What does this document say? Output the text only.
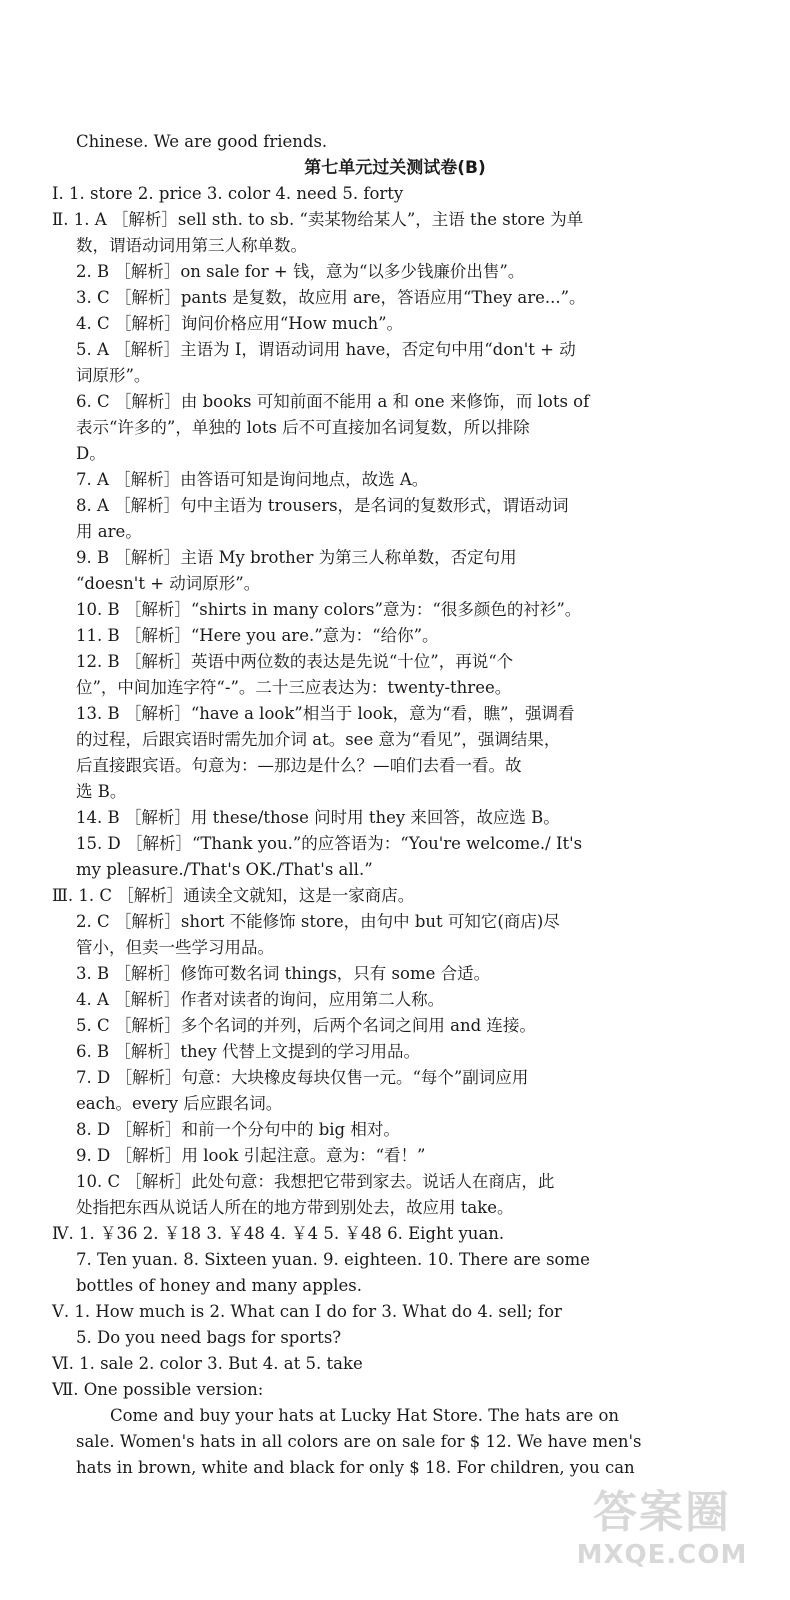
Chinese. We are good friends.
第七单元过关测试卷(B)
Ⅰ. 1. store 2. price 3. color 4. need 5. forty
Ⅱ. 1. A ［解析］sell sth. to sb. “卖某物给某人”，主语 the store 为单
数，谓语动词用第三人称单数。
2. B ［解析］on sale for + 钱，意为“以多少钱廉价出售”。
3. C ［解析］pants 是复数，故应用 are，答语应用“They are...”。
4. C ［解析］询问价格应用“How much”。
5. A ［解析］主语为 I，谓语动词用 have，否定句中用“don't + 动
词原形”。
6. C ［解析］由 books 可知前面不能用 a 和 one 来修饰，而 lots of
表示“许多的”，单独的 lots 后不可直接加名词复数，所以排除
D。
7. A ［解析］由答语可知是询问地点，故选 A。
8. A ［解析］句中主语为 trousers，是名词的复数形式，谓语动词
用 are。
9. B ［解析］主语 My brother 为第三人称单数，否定句用
“doesn't + 动词原形”。
10. B ［解析］“shirts in many colors”意为：“很多颜色的衬衫”。
11. B ［解析］“Here you are.”意为：“给你”。
12. B ［解析］英语中两位数的表达是先说“十位”，再说“个
位”，中间加连字符“-”。二十三应表达为：twenty-three。
13. B ［解析］“have a look”相当于 look，意为“看，瞧”，强调看
的过程，后跟宾语时需先加介词 at。see 意为“看见”，强调结果，
后直接跟宾语。句意为：—那边是什么？—咱们去看一看。故
选 B。
14. B ［解析］用 these/those 问时用 they 来回答，故应选 B。
15. D ［解析］“Thank you.”的应答语为：“You're welcome./ It's
my pleasure./That's OK./That's all.”
Ⅲ. 1. C ［解析］通读全文就知，这是一家商店。
2. C ［解析］short 不能修饰 store，由句中 but 可知它(商店)尽
管小，但卖一些学习用品。
3. B ［解析］修饰可数名词 things，只有 some 合适。
4. A ［解析］作者对读者的询问，应用第二人称。
5. C ［解析］多个名词的并列，后两个名词之间用 and 连接。
6. B ［解析］they 代替上文提到的学习用品。
7. D ［解析］句意：大块橡皮每块仅售一元。“每个”副词应用
each。every 后应跟名词。
8. D ［解析］和前一个分句中的 big 相对。
9. D ［解析］用 look 引起注意。意为：“看！”
10. C ［解析］此处句意：我想把它带到家去。说话人在商店，此
处指把东西从说话人所在的地方带到别处去，故应用 take。
Ⅳ. 1. ￥36 2. ￥18 3. ￥48 4. ￥4 5. ￥48 6. Eight yuan.
7. Ten yuan. 8. Sixteen yuan. 9. eighteen. 10. There are some
bottles of honey and many apples.
Ⅴ. 1. How much is 2. What can I do for 3. What do 4. sell; for
5. Do you need bags for sports?
Ⅵ. 1. sale 2. color 3. But 4. at 5. take
Ⅶ. One possible version:
Come and buy your hats at Lucky Hat Store. The hats are on
sale. Women's hats in all colors are on sale for $ 12. We have men's
hats in brown, white and black for only $ 18. For children, you can
答案圈
MXQE.COM
